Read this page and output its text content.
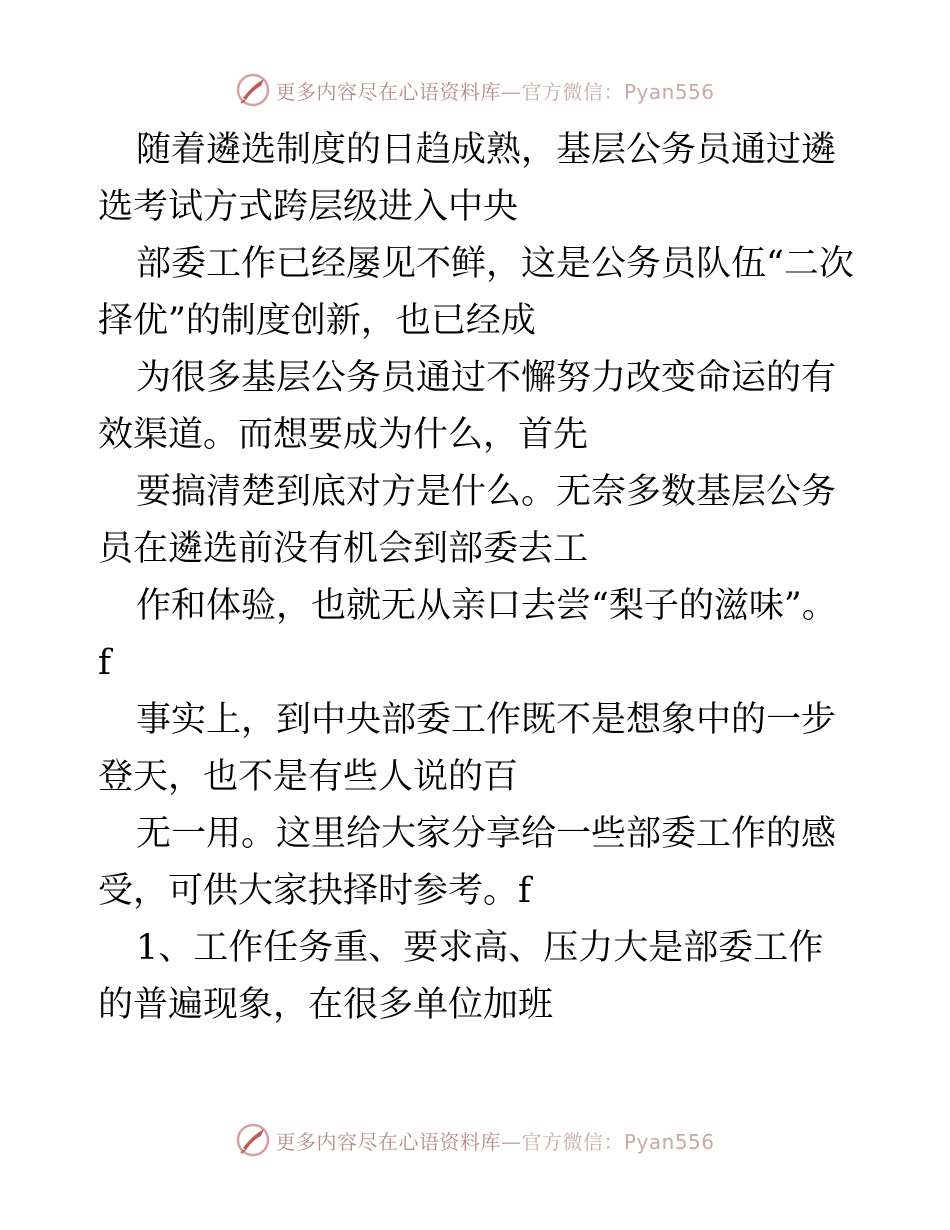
更多内容尽在心语资料库—官方微信：Pyan556

随着遴选制度的日趋成熟，基层公务员通过遴选考试方式跨层级进入中央

部委工作已经屡见不鲜，这是公务员队伍“二次择优”的制度创新，也已经成

为很多基层公务员通过不懈努力改变命运的有效渠道。而想要成为什么，首先

要搞清楚到底对方是什么。无奈多数基层公务员在遴选前没有机会到部委去工

作和体验，也就无从亲口去尝“梨子的滋味”。

f

事实上，到中央部委工作既不是想象中的一步登天，也不是有些人说的百

无一用。这里给大家分享给一些部委工作的感受，可供大家抉择时参考。f

1、工作任务重、要求高、压力大是部委工作的普遍现象，在很多单位加班

更多内容尽在心语资料库—官方微信：Pyan556
